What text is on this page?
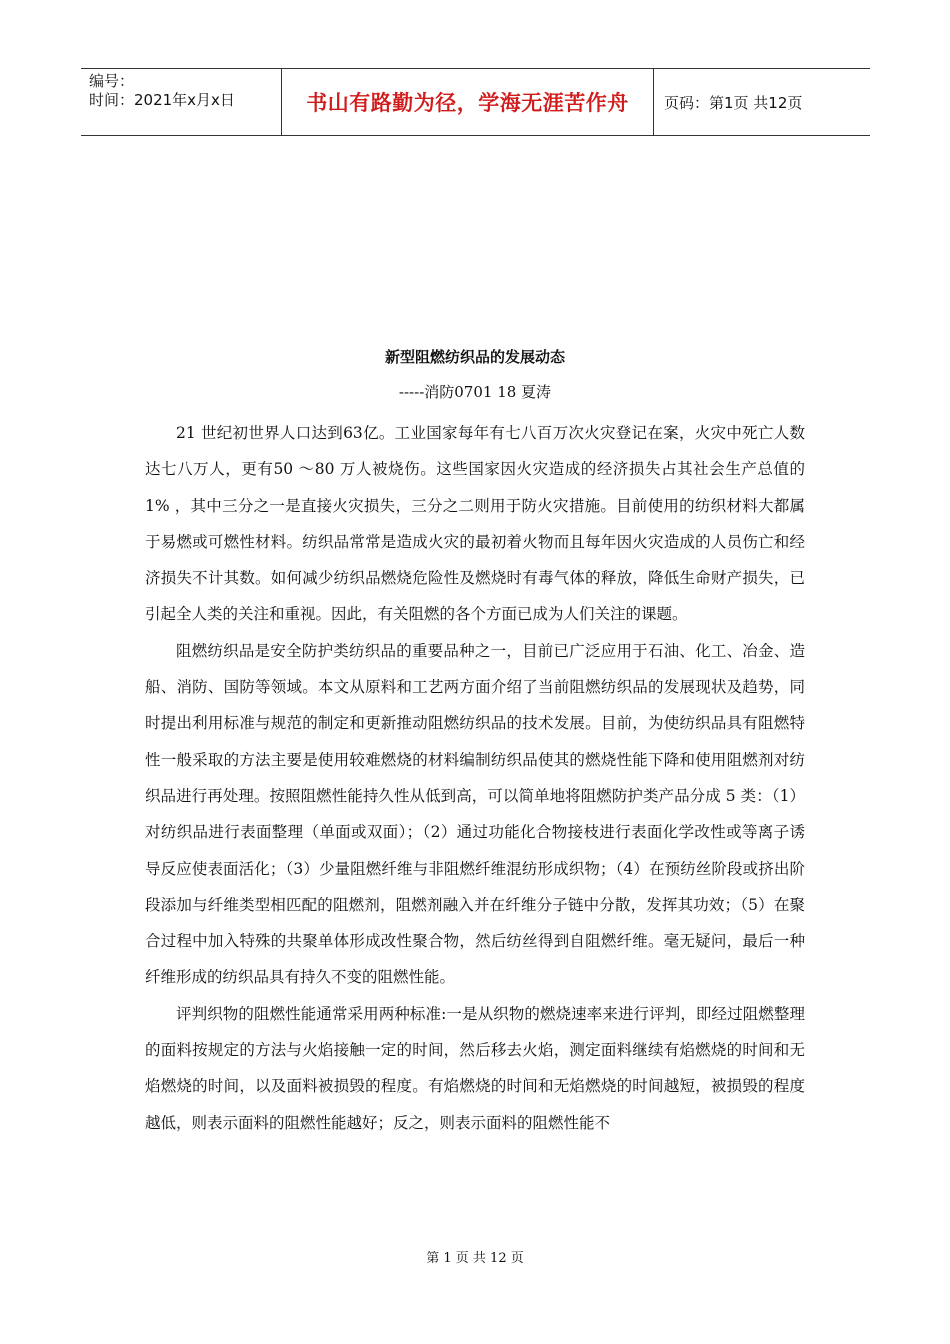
编号：
时间：2021年x月x日	书山有路勤为径，学海无涯苦作舟	页码：第1页 共12页
新型阻燃纺织品的发展动态
-----消防0701 18 夏涛

21 世纪初世界人口达到63亿。工业国家每年有七八百万次火灾登记在案，火灾中死亡人数达七八万人，更有50 ～80 万人被烧伤。这些国家因火灾造成的经济损失占其社会生产总值的1% ，其中三分之一是直接火灾损失，三分之二则用于防火灾措施。目前使用的纺织材料大都属于易燃或可燃性材料。纺织品常常是造成火灾的最初着火物而且每年因火灾造成的人员伤亡和经济损失不计其数。如何减少纺织品燃烧危险性及燃烧时有毒气体的释放，降低生命财产损失，已引起全人类的关注和重视。因此，有关阻燃的各个方面已成为人们关注的课题。

阻燃纺织品是安全防护类纺织品的重要品种之一，目前已广泛应用于石油、化工、冶金、造船、消防、国防等领域。本文从原料和工艺两方面介绍了当前阻燃纺织品的发展现状及趋势，同时提出利用标准与规范的制定和更新推动阻燃纺织品的技术发展。目前，为使纺织品具有阻燃特性一般采取的方法主要是使用较难燃烧的材料编制纺织品使其的燃烧性能下降和使用阻燃剂对纺织品进行再处理。按照阻燃性能持久性从低到高，可以简单地将阻燃防护类产品分成 5 类：（1）对纺织品进行表面整理（单面或双面）；（2）通过功能化合物接枝进行表面化学改性或等离子诱导反应使表面活化；（3）少量阻燃纤维与非阻燃纤维混纺形成织物；（4）在预纺丝阶段或挤出阶段添加与纤维类型相匹配的阻燃剂，阻燃剂融入并在纤维分子链中分散，发挥其功效；（5）在聚合过程中加入特殊的共聚单体形成改性聚合物，然后纺丝得到自阻燃纤维。毫无疑问，最后一种纤维形成的纺织品具有持久不变的阻燃性能。

评判织物的阻燃性能通常采用两种标准:一是从织物的燃烧速率来进行评判，即经过阻燃整理的面料按规定的方法与火焰接触一定的时间，然后移去火焰，测定面料继续有焰燃烧的时间和无焰燃烧的时间，以及面料被损毁的程度。有焰燃烧的时间和无焰燃烧的时间越短，被损毁的程度越低，则表示面料的阻燃性能越好；反之，则表示面料的阻燃性能不

第 1 页 共 12 页
